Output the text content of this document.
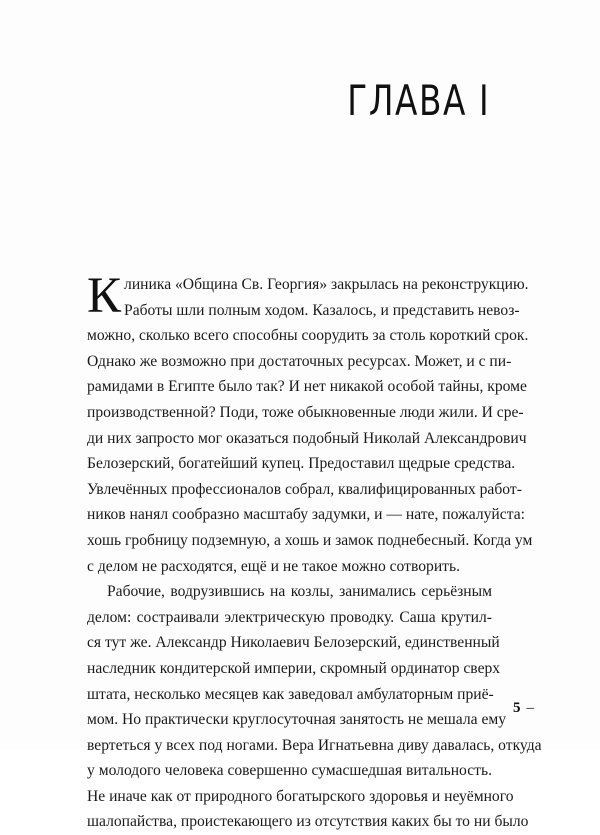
ГЛАВА I
К линика «Община Св. Георгия» закрылась на реконструкцию.
Работы шли полным ходом. Казалось, и представить невоз-
можно, сколько всего способны соорудить за столь короткий срок.
Однако же возможно при достаточных ресурсах. Может, и с пи-
рамидами в Египте было так? И нет никакой особой тайны, кроме
производственной? Поди, тоже обыкновенные люди жили. И сре-
ди них запросто мог оказаться подобный Николай Александрович
Белозерский, богатейший купец. Предоставил щедрые средства.
Увлечённых профессионалов собрал, квалифицированных работ-
ников нанял сообразно масштабу задумки, и — нате, пожалуйста:
хошь гробницу подземную, а хошь и замок поднебесный. Когда ум
с делом не расходятся, ещё и не такое можно сотворить.
Рабочие, водрузившись на козлы, занимались серьёзным
делом: состраивали электрическую проводку. Саша крутил-
ся тут же. Александр Николаевич Белозерский, единственный
наследник кондитерской империи, скромный ординатор сверх
штата, несколько месяцев как заведовал амбулаторным приё-
мом. Но практически круглосуточная занятость не мешала ему
вертеться у всех под ногами. Вера Игнатьевна диву давалась, откуда
у молодого человека совершенно сумасшедшая витальность.
Не иначе как от природного богатырского здоровья и неуёмного
шалопайства, проистекающего из отсутствия каких бы то ни было
5 –
